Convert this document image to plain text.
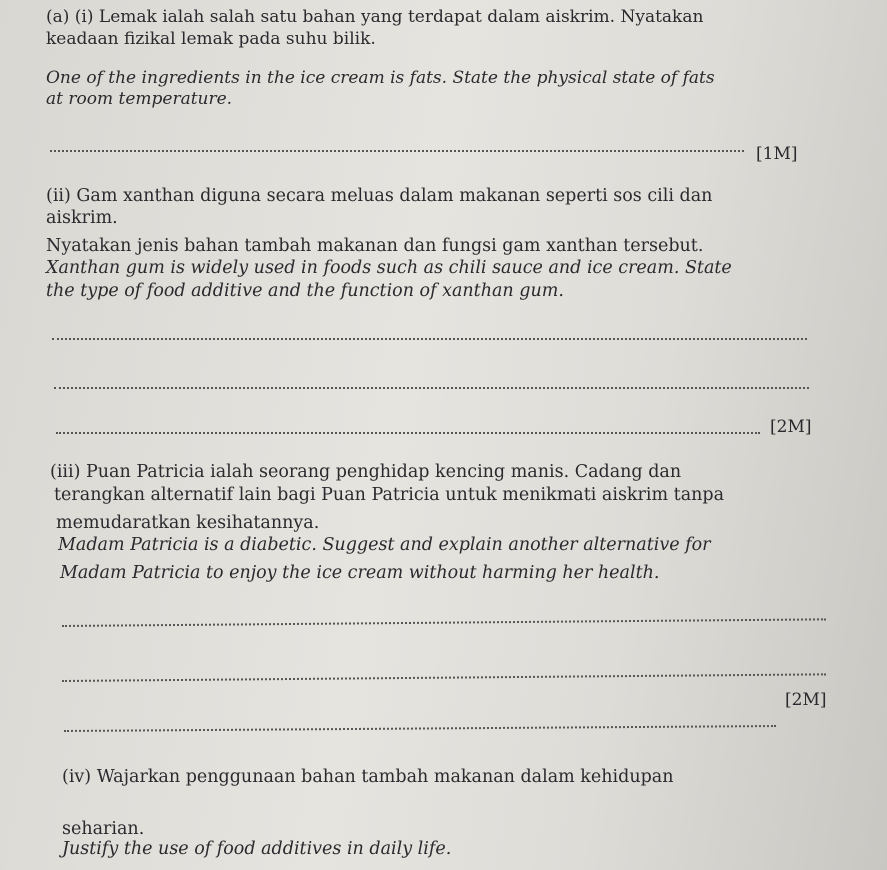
(a) (i) Lemak ialah salah satu bahan yang terdapat dalam aiskrim. Nyatakan
keadaan fizikal lemak pada suhu bilik.
One of the ingredients in the ice cream is fats. State the physical state of fats
at room temperature.
[1M]
(ii) Gam xanthan diguna secara meluas dalam makanan seperti sos cili dan
aiskrim.
Nyatakan jenis bahan tambah makanan dan fungsi gam xanthan tersebut.
Xanthan gum is widely used in foods such as chili sauce and ice cream. State
the type of food additive and the function of xanthan gum.
[2M]
(iii) Puan Patricia ialah seorang penghidap kencing manis. Cadang dan
terangkan alternatif lain bagi Puan Patricia untuk menikmati aiskrim tanpa
memudaratkan kesihatannya.
Madam Patricia is a diabetic. Suggest and explain another alternative for
Madam Patricia to enjoy the ice cream without harming her health.
[2M]
(iv) Wajarkan penggunaan bahan tambah makanan dalam kehidupan
seharian.
Justify the use of food additives in daily life.
